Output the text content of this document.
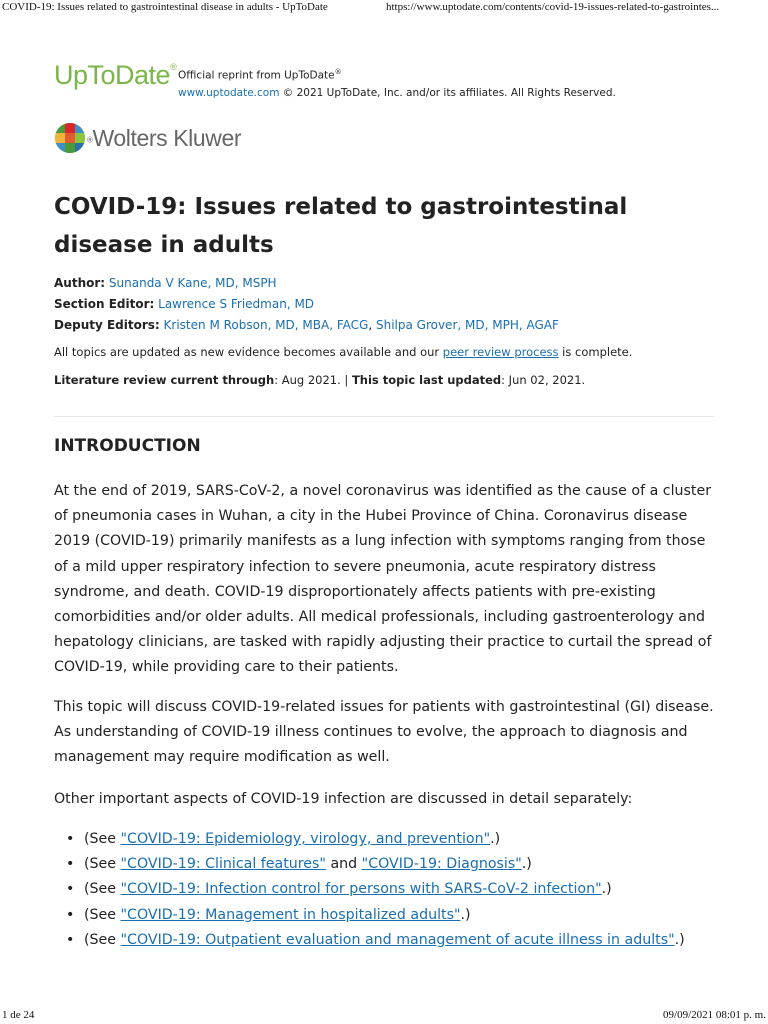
COVID-19: Issues related to gastrointestinal disease in adults - UpToDate	https://www.uptodate.com/contents/covid-19-issues-related-to-gastrointes...
UpToDate®
Official reprint from UpToDate®
www.uptodate.com © 2021 UpToDate, Inc. and/or its affiliates. All Rights Reserved.
®Wolters Kluwer
COVID-19: Issues related to gastrointestinal disease in adults
Author: Sunanda V Kane, MD, MSPH
Section Editor: Lawrence S Friedman, MD
Deputy Editors: Kristen M Robson, MD, MBA, FACG, Shilpa Grover, MD, MPH, AGAF
All topics are updated as new evidence becomes available and our peer review process is complete.
Literature review current through: Aug 2021. | This topic last updated: Jun 02, 2021.
INTRODUCTION

At the end of 2019, SARS-CoV-2, a novel coronavirus was identified as the cause of a cluster of pneumonia cases in Wuhan, a city in the Hubei Province of China. Coronavirus disease 2019 (COVID-19) primarily manifests as a lung infection with symptoms ranging from those of a mild upper respiratory infection to severe pneumonia, acute respiratory distress syndrome, and death. COVID-19 disproportionately affects patients with pre-existing comorbidities and/or older adults. All medical professionals, including gastroenterology and hepatology clinicians, are tasked with rapidly adjusting their practice to curtail the spread of COVID-19, while providing care to their patients.

This topic will discuss COVID-19-related issues for patients with gastrointestinal (GI) disease. As understanding of COVID-19 illness continues to evolve, the approach to diagnosis and management may require modification as well.

Other important aspects of COVID-19 infection are discussed in detail separately:

• (See "COVID-19: Epidemiology, virology, and prevention".)
• (See "COVID-19: Clinical features" and "COVID-19: Diagnosis".)
• (See "COVID-19: Infection control for persons with SARS-CoV-2 infection".)
• (See "COVID-19: Management in hospitalized adults".)
• (See "COVID-19: Outpatient evaluation and management of acute illness in adults".)
1 de 24	09/09/2021 08:01 p. m.
